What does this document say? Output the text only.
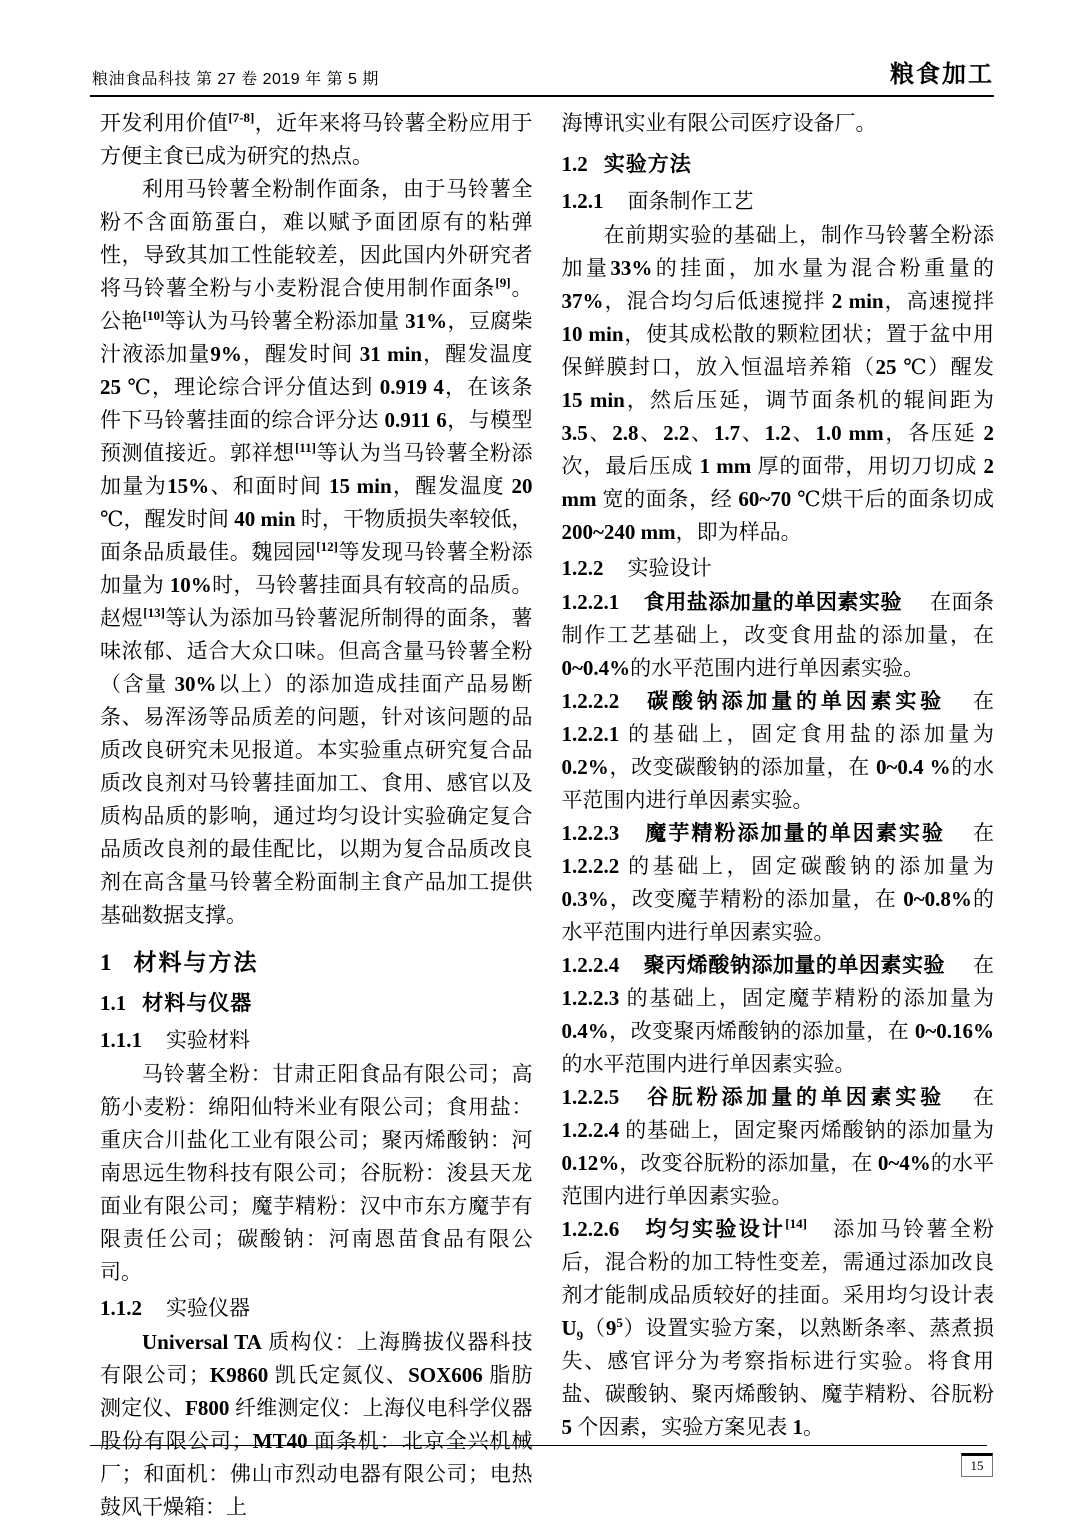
粮油食品科技 第 27 卷 2019 年 第 5 期	粮食加工

开发利用价值[7-8]，近年来将马铃薯全粉应用于方便主食已成为研究的热点。

利用马铃薯全粉制作面条，由于马铃薯全粉不含面筋蛋白，难以赋予面团原有的粘弹性，导致其加工性能较差，因此国内外研究者将马铃薯全粉与小麦粉混合使用制作面条[9]。公艳[10]等认为马铃薯全粉添加量 31%，豆腐柴汁液添加量9%，醒发时间 31 min，醒发温度 25 ℃，理论综合评分值达到 0.919 4，在该条件下马铃薯挂面的综合评分达 0.911 6，与模型预测值接近。郭祥想[11]等认为当马铃薯全粉添加量为15%、和面时间 15 min，醒发温度 20 ℃，醒发时间 40 min 时，干物质损失率较低，面条品质最佳。魏园园[12]等发现马铃薯全粉添加量为 10%时，马铃薯挂面具有较高的品质。赵煜[13]等认为添加马铃薯泥所制得的面条，薯味浓郁、适合大众口味。但高含量马铃薯全粉（含量 30%以上）的添加造成挂面产品易断条、易浑汤等品质差的问题，针对该问题的品质改良研究未见报道。本实验重点研究复合品质改良剂对马铃薯挂面加工、食用、感官以及质构品质的影响，通过均匀设计实验确定复合品质改良剂的最佳配比，以期为复合品质改良剂在高含量马铃薯全粉面制主食产品加工提供基础数据支撑。

1 材料与方法
1.1 材料与仪器
1.1.1 实验材料

马铃薯全粉：甘肃正阳食品有限公司；高筋小麦粉：绵阳仙特米业有限公司；食用盐：重庆合川盐化工业有限公司；聚丙烯酸钠：河南思远生物科技有限公司；谷朊粉：浚县天龙面业有限公司；魔芋精粉：汉中市东方魔芋有限责任公司；碳酸钠：河南恩苗食品有限公司。

1.1.2 实验仪器

Universal TA 质构仪：上海腾拔仪器科技有限公司；K9860 凯氏定氮仪、SOX606 脂肪测定仪、F800 纤维测定仪：上海仪电科学仪器股份有限公司；MT40 面条机：北京全兴机械厂；和面机：佛山市烈动电器有限公司；电热鼓风干燥箱：上

海博讯实业有限公司医疗设备厂。

1.2 实验方法
1.2.1 面条制作工艺

在前期实验的基础上，制作马铃薯全粉添加量33%的挂面，加水量为混合粉重量的 37%，混合均匀后低速搅拌 2 min，高速搅拌 10 min，使其成松散的颗粒团状；置于盆中用保鲜膜封口，放入恒温培养箱（25 ℃）醒发 15 min，然后压延，调节面条机的辊间距为 3.5、2.8、2.2、1.7、1.2、1.0 mm，各压延 2 次，最后压成 1 mm 厚的面带，用切刀切成 2 mm 宽的面条，经 60~70 ℃烘干后的面条切成 200~240 mm，即为样品。

1.2.2 实验设计

1.2.2.1 食用盐添加量的单因素实验 在面条制作工艺基础上，改变食用盐的添加量，在 0~0.4%的水平范围内进行单因素实验。

1.2.2.2 碳酸钠添加量的单因素实验 在 1.2.2.1 的基础上，固定食用盐的添加量为 0.2%，改变碳酸钠的添加量，在 0~0.4 %的水平范围内进行单因素实验。

1.2.2.3 魔芋精粉添加量的单因素实验 在 1.2.2.2 的基础上，固定碳酸钠的添加量为 0.3%，改变魔芋精粉的添加量，在 0~0.8%的水平范围内进行单因素实验。

1.2.2.4 聚丙烯酸钠添加量的单因素实验 在 1.2.2.3 的基础上，固定魔芋精粉的添加量为 0.4%，改变聚丙烯酸钠的添加量，在 0~0.16%的水平范围内进行单因素实验。

1.2.2.5 谷朊粉添加量的单因素实验 在 1.2.2.4 的基础上，固定聚丙烯酸钠的添加量为 0.12%，改变谷朊粉的添加量，在 0~4%的水平范围内进行单因素实验。

1.2.2.6 均匀实验设计[14] 添加马铃薯全粉后，混合粉的加工特性变差，需通过添加改良剂才能制成品质较好的挂面。采用均匀设计表 $U_9(9^5)$设置实验方案，以熟断条率、蒸煮损失、感官评分为考察指标进行实验。将食用盐、碳酸钠、聚丙烯酸钠、魔芋精粉、谷朊粉 5 个因素，实验方案见表 1。

15
